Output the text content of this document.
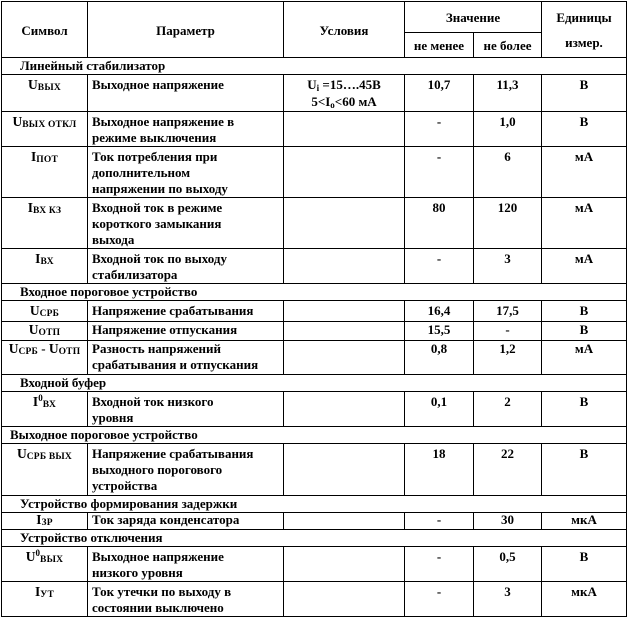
Символ	Параметр	Условия	Значение		Единицы
измер.

			не менее	не более	
Линейный стабилизатор					
UВЫХ	Выходное напряжение	Ui =15….45В
5<Io<60 мА	10,7	11,3	В
UВЫХ ОТКЛ	Выходное напряжение в
режиме выключения		-	1,0	В
IПОТ	Ток потребления при
дополнительном
напряжении по выходу		-	6	мА
IВХ КЗ	Входной ток в режиме
короткого замыкания
выхода		80	120	мА
IВХ	Входной ток по выходу
стабилизатора		-	3	мА
Входное пороговое устройство					
UСРБ	Напряжение срабатывания		16,4	17,5	В
UОТП	Напряжение отпускания		15,5	-	В
UСРБ - UОТП	Разность напряжений
срабатывания и отпускания		0,8	1,2	мА
Входной буфер					
$I^0ВХ$	Входной ток низкого
уровня		0,1	2	В
Выходное пороговое устройство					
UСРБ ВЫХ	Напряжение срабатывания
выходного порогового
устройства		18	22	В
Устройство формирования задержки					
IЗР	Ток заряда конденсатора		-	30	мкА
Устройство отключения					
$U^0ВЫХ$	Выходное напряжение
низкого уровня		-	0,5	В
IУТ	Ток утечки по выходу в
состоянии выключено		-	3	мкА
